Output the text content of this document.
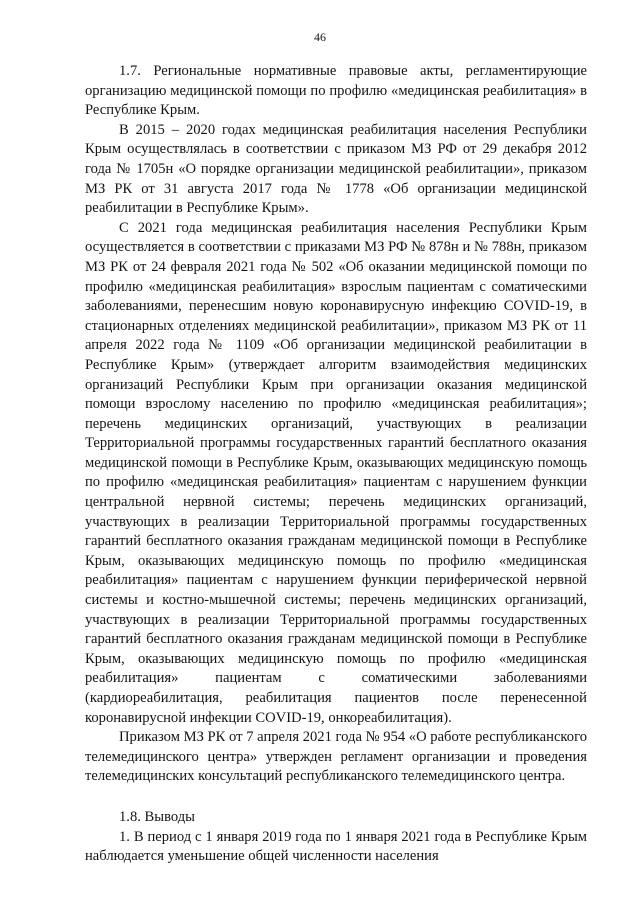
46

1.7. Региональные нормативные правовые акты, регламентирующие организацию медицинской помощи по профилю «медицинская реабилитация» в Республике Крым.

В 2015 – 2020 годах медицинская реабилитация населения Республики Крым осуществлялась в соответствии с приказом МЗ РФ от 29 декабря 2012 года № 1705н «О порядке организации медицинской реабилитации», приказом МЗ РК от 31 августа 2017 года № 1778 «Об организации медицинской реабилитации в Республике Крым».

С 2021 года медицинская реабилитация населения Республики Крым осуществляется в соответствии с приказами МЗ РФ № 878н и № 788н, приказом МЗ РК от 24 февраля 2021 года № 502 «Об оказании медицинской помощи по профилю «медицинская реабилитация» взрослым пациентам с соматическими заболеваниями, перенесшим новую коронавирусную инфекцию COVID-19, в стационарных отделениях медицинской реабилитации», приказом МЗ РК от 11 апреля 2022 года № 1109 «Об организации медицинской реабилитации в Республике Крым» (утверждает алгоритм взаимодействия медицинских организаций Республики Крым при организации оказания медицинской помощи взрослому населению по профилю «медицинская реабилитация»; перечень медицинских организаций, участвующих в реализации Территориальной программы государственных гарантий бесплатного оказания медицинской помощи в Республике Крым, оказывающих медицинскую помощь по профилю «медицинская реабилитация» пациентам с нарушением функции центральной нервной системы; перечень медицинских организаций, участвующих в реализации Территориальной программы государственных гарантий бесплатного оказания гражданам медицинской помощи в Республике Крым, оказывающих медицинскую помощь по профилю «медицинская реабилитация» пациентам с нарушением функции периферической нервной системы и костно-мышечной системы; перечень медицинских организаций, участвующих в реализации Территориальной программы государственных гарантий бесплатного оказания гражданам медицинской помощи в Республике Крым, оказывающих медицинскую помощь по профилю «медицинская реабилитация» пациентам с соматическими заболеваниями (кардиореабилитация, реабилитация пациентов после перенесенной коронавирусной инфекции COVID-19, онкореабилитация).

Приказом МЗ РК от 7 апреля 2021 года № 954 «О работе республиканского телемедицинского центра» утвержден регламент организации и проведения телемедицинских консультаций республиканского телемедицинского центра.

1.8. Выводы

1. В период с 1 января 2019 года по 1 января 2021 года в Республике Крым наблюдается уменьшение общей численности населения
